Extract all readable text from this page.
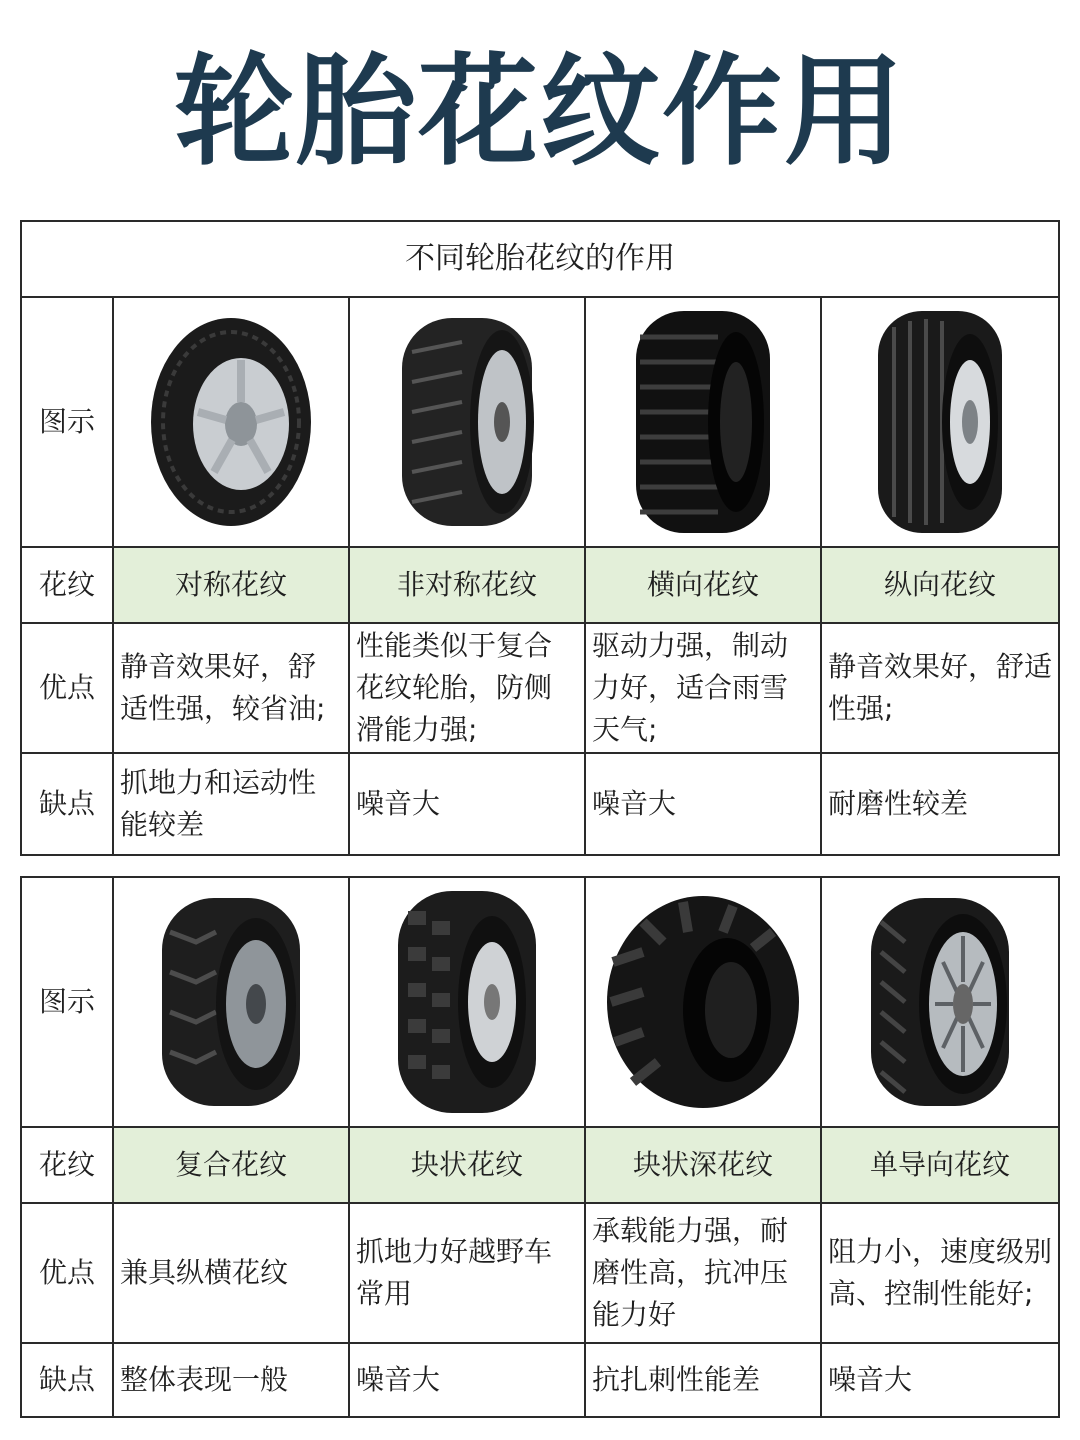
轮胎花纹作用
不同轮胎花纹的作用				
图示	

花纹	对称花纹	非对称花纹	横向花纹	纵向花纹
优点	静音效果好，舒适性强，较省油;	性能类似于复合花纹轮胎，防侧滑能力强;	驱动力强，制动力好，适合雨雪天气;	静音效果好，舒适性强;
缺点	抓地力和运动性能较差	噪音大	噪音大	耐磨性较差

图示	

花纹	复合花纹	块状花纹	块状深花纹	单导向花纹
优点	兼具纵横花纹	抓地力好越野车常用	承载能力强，耐磨性高，抗冲压能力好	阻力小，速度级别高、控制性能好;
缺点	整体表现一般	噪音大	抗扎刺性能差	噪音大
